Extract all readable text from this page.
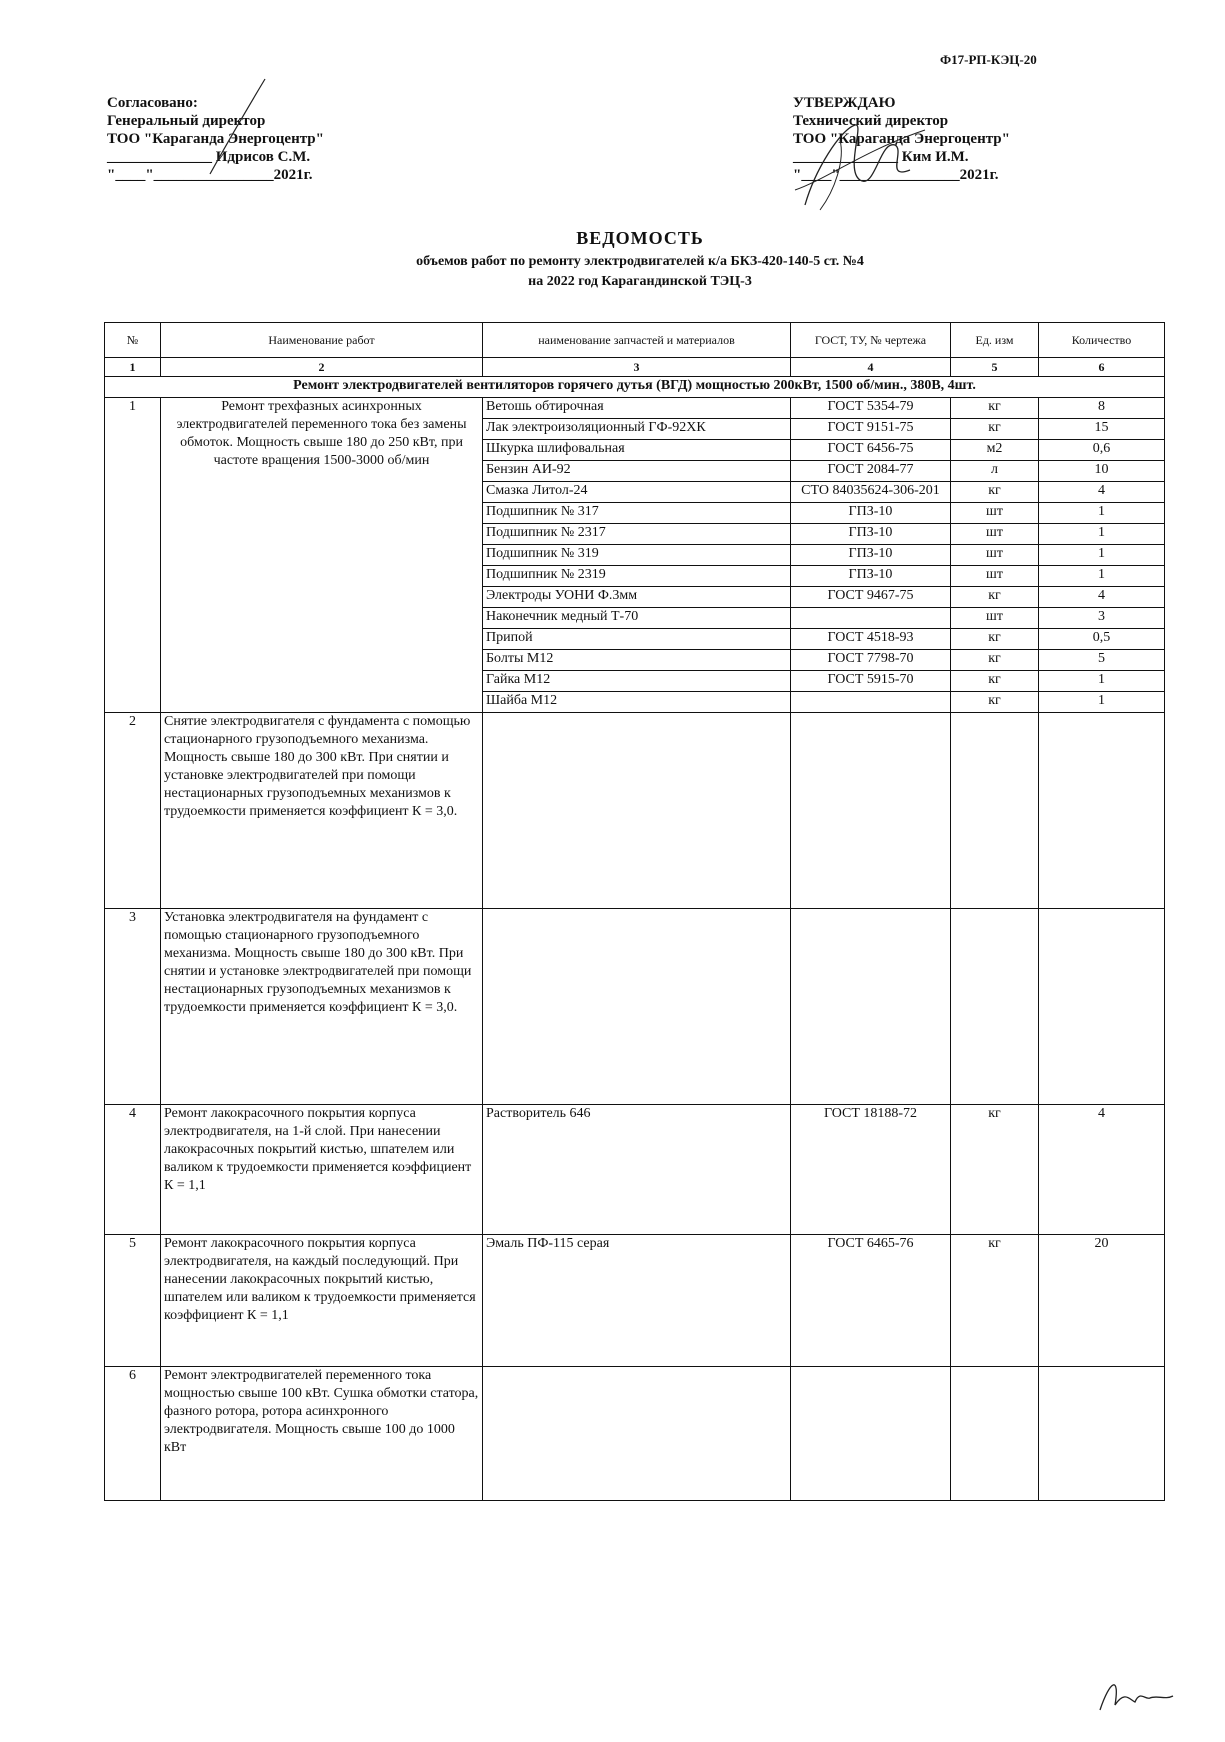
Ф17-РП-КЭЦ-20
Согласовано:
Генеральный директор
ТОО "Караганда Энергоцентр"
______________ Идрисов С.М.
"____"________________2021г.
УТВЕРЖДАЮ
Технический директор
ТОО "Караганда Энергоцентр"
______________ Ким И.М.
"____"________________2021г.
ВЕДОМОСТЬ
объемов работ по ремонту электродвигателей к/а БКЗ-420-140-5 ст. №4
на 2022 год Карагандинской ТЭЦ-3
№	Наименование работ	наименование запчастей и материалов	ГОСТ, ТУ, № чертежа	Ед. изм	Количество
1	2	3	4	5	6
Ремонт электродвигателей вентиляторов горячего дутья (ВГД) мощностью 200кВт, 1500 об/мин., 380В, 4шт.					
1	Ремонт трехфазных асинхронных электродвигателей переменного тока без замены обмоток. Мощность свыше 180 до 250 кВт, при частоте вращения 1500-3000 об/мин	Ветошь обтирочная	ГОСТ 5354-79	кг	8
		Лак электроизоляционный ГФ-92ХК	ГОСТ 9151-75	кг	15
		Шкурка шлифовальная	ГОСТ 6456-75	м2	0,6
		Бензин АИ-92	ГОСТ 2084-77	л	10
		Смазка Литол-24	СТО 84035624-306-201	кг	4
		Подшипник № 317	ГПЗ-10	шт	1
		Подшипник № 2317	ГПЗ-10	шт	1
		Подшипник № 319	ГПЗ-10	шт	1
		Подшипник № 2319	ГПЗ-10	шт	1
		Электроды УОНИ Ф.3мм	ГОСТ 9467-75	кг	4
		Наконечник медный Т-70		шт	3
		Припой	ГОСТ 4518-93	кг	0,5
		Болты М12	ГОСТ 7798-70	кг	5
		Гайка М12	ГОСТ 5915-70	кг	1
		Шайба М12		кг	1
2	Снятие электродвигателя с фундамента с помощью стационарного грузоподъемного механизма. Мощность свыше 180 до 300 кВт. При снятии и установке электродвигателей при помощи нестационарных грузоподъемных механизмов к трудоемкости применяется коэффициент К = 3,0.				
3	Установка электродвигателя на фундамент с помощью стационарного грузоподъемного механизма. Мощность свыше 180 до 300 кВт. При снятии и установке электродвигателей при помощи нестационарных грузоподъемных механизмов к трудоемкости применяется коэффициент К = 3,0.				
4	Ремонт лакокрасочного покрытия корпуса электродвигателя, на 1-й слой. При нанесении лакокрасочных покрытий кистью, шпателем или валиком к трудоемкости применяется коэффициент К = 1,1	Растворитель 646	ГОСТ 18188-72	кг	4
5	Ремонт лакокрасочного покрытия корпуса электродвигателя, на каждый последующий. При нанесении лакокрасочных покрытий кистью, шпателем или валиком к трудоемкости применяется коэффициент К = 1,1	Эмаль ПФ-115 серая	ГОСТ 6465-76	кг	20
6	Ремонт электродвигателей переменного тока мощностью свыше 100 кВт. Сушка обмотки статора, фазного ротора, ротора асинхронного электродвигателя. Мощность свыше 100 до 1000 кВт				
